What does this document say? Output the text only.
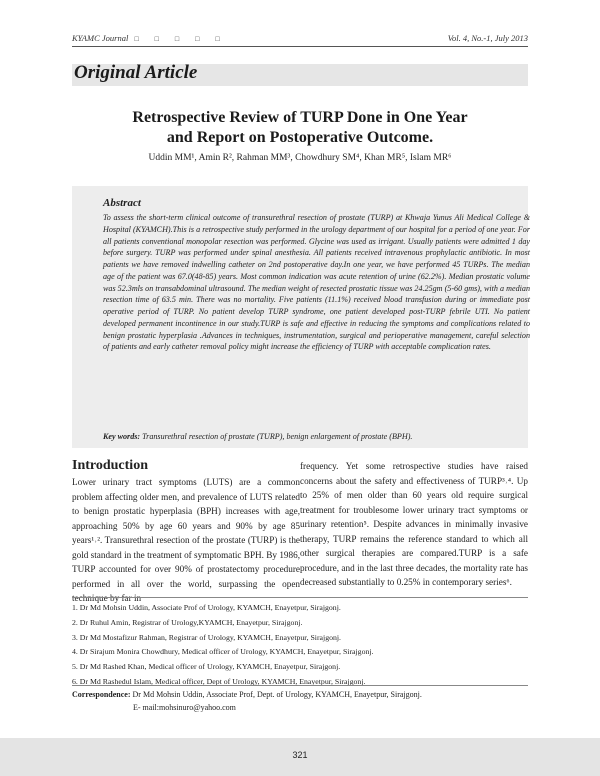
KYAMC Journal □□□□□	Vol. 4, No.-1, July 2013
Original Article
Retrospective Review of TURP Done in One Year
and Report on Postoperative Outcome.
Uddin MM¹, Amin R², Rahman MM³, Chowdhury SM⁴, Khan MR⁵, Islam MR⁶
Abstract
To assess the short-term clinical outcome of transurethral resection of prostate (TURP) at Khwaja Yunus Ali Medical College & Hospital (KYAMCH).This is a retrospective study performed in the urology department of our hospital for a period of one year. For all patients conventional monopolar resection was performed. Glycine was used as irrigant. Usually patients were admitted 1 day before surgery. TURP was performed under spinal anesthesia. All patients received intravenous prophylactic antibiotic. In most patients we have removed indwelling catheter on 2nd postoperative day.In one year, we have performed 45 TURPs. The median age of the patient was 67.0(48-85) years. Most common indication was acute retention of urine (62.2%). Median prostatic volume was 52.3mls on transabdominal ultrasound. The median weight of resected prostatic tissue was 24.25gm (5-60 gms), with a median resection time of 63.5 min. There was no mortality. Five patients (11.1%) received blood transfusion during or immediate post operative period of TURP. No patient develop TURP syndrome, one patient developed post-TURP febrile UTI. No patient developed permanent incontinence in our study.TURP is safe and effective in reducing the symptoms and complications related to benign prostatic hyperplasia .Advances in techniques, instrumentation, surgical and perioperative management, careful selection of patients and early catheter removal policy might increase the efficiency of TURP with acceptable complication rates.
Key words: Transurethral resection of prostate (TURP), benign enlargement of prostate (BPH).
Introduction
Lower urinary tract symptoms (LUTS) are a common problem affecting older men, and prevalence of LUTS related to benign prostatic hyperplasia (BPH) increases with age, approaching 50% by age 60 years and 90% by age 85 years¹˒². Transurethral resection of the prostate (TURP) is the gold standard in the treatment of symptomatic BPH. By 1986, TURP accounted for over 90% of prostatectomy procedure performed in all over the world, surpassing the open technique by far in
frequency. Yet some retrospective studies have raised concerns about the safety and effectiveness of TURP³˒⁴. Up to 25% of men older than 60 years old require surgical treatment for troublesome lower urinary tract symptoms or urinary retention⁵. Despite advances in minimally invasive therapy, TURP remains the reference standard to which all other surgical therapies are compared.TURP is a safe procedure, and in the last three decades, the mortality rate has decreased substantially to 0.25% in contemporary series⁶.
1. Dr Md Mohsin Uddin, Associate Prof of Urology, KYAMCH, Enayetpur, Sirajgonj.
2. Dr Ruhul Amin, Registrar of Urology,KYAMCH, Enayetpur, Sirajgonj.
3. Dr Md Mostafizur Rahman, Registrar of Urology, KYAMCH, Enayetpur, Sirajgonj.
4. Dr Sirajum Monira Chowdhury, Medical officer of Urology, KYAMCH, Enayetpur, Sirajgonj.
5. Dr Md Rashed Khan, Medical officer of Urology, KYAMCH, Enayetpur, Sirajgonj.
6. Dr Md Rashedul Islam, Medical officer, Dept of Urology, KYAMCH, Enayetpur, Sirajgonj.
Correspondence: Dr Md Mohsin Uddin, Associate Prof, Dept. of Urology, KYAMCH, Enayetpur, Sirajgonj.
E- mail:mohsinuro@yahoo.com
321
